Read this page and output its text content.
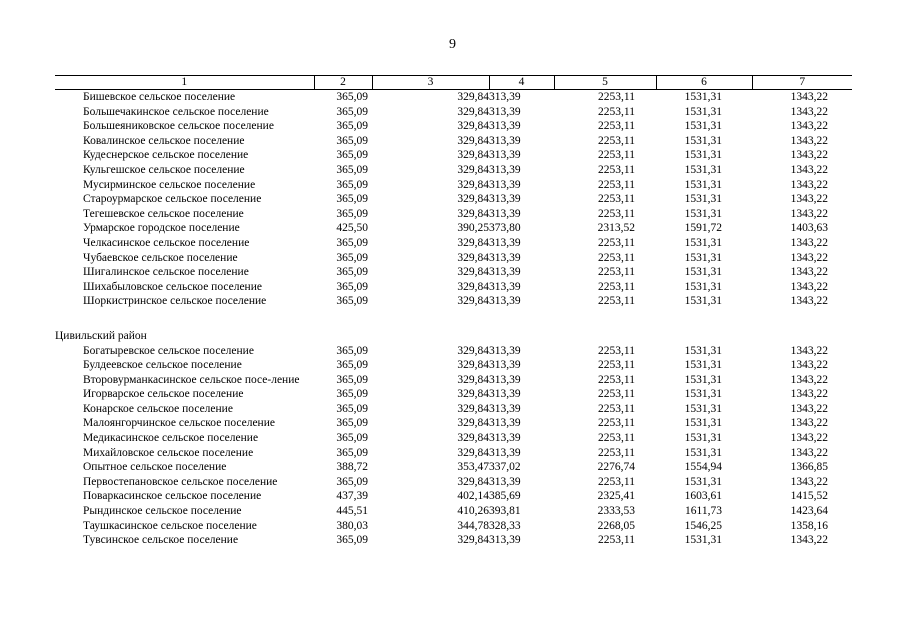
9
1	2	3	4	5	6	7
Бишевское сельское поселение	365,09	329,84	313,39	2253,11	1531,31	1343,22
Большечакинское сельское поселение	365,09	329,84	313,39	2253,11	1531,31	1343,22
Большеяниковское сельское поселение	365,09	329,84	313,39	2253,11	1531,31	1343,22
Ковалинское сельское поселение	365,09	329,84	313,39	2253,11	1531,31	1343,22
Кудеснерское сельское поселение	365,09	329,84	313,39	2253,11	1531,31	1343,22
Кульгешское сельское поселение	365,09	329,84	313,39	2253,11	1531,31	1343,22
Мусирминское сельское поселение	365,09	329,84	313,39	2253,11	1531,31	1343,22
Староурмарское сельское поселение	365,09	329,84	313,39	2253,11	1531,31	1343,22
Тегешевское сельское поселение	365,09	329,84	313,39	2253,11	1531,31	1343,22
Урмарское городское поселение	425,50	390,25	373,80	2313,52	1591,72	1403,63
Челкасинское сельское поселение	365,09	329,84	313,39	2253,11	1531,31	1343,22
Чубаевское сельское поселение	365,09	329,84	313,39	2253,11	1531,31	1343,22
Шигалинское сельское поселение	365,09	329,84	313,39	2253,11	1531,31	1343,22
Шихабыловское сельское поселение	365,09	329,84	313,39	2253,11	1531,31	1343,22
Шоркистринское сельское поселение	365,09	329,84	313,39	2253,11	1531,31	1343,22

Цивильский район						
Богатыревское сельское поселение	365,09	329,84	313,39	2253,11	1531,31	1343,22
Булдеевское сельское поселение	365,09	329,84	313,39	2253,11	1531,31	1343,22
Второвурманкасинское сельское посе-ление	365,09	329,84	313,39	2253,11	1531,31	1343,22
Игорварское сельское поселение	365,09	329,84	313,39	2253,11	1531,31	1343,22
Конарское сельское поселение	365,09	329,84	313,39	2253,11	1531,31	1343,22
Малоянгорчинское сельское поселение	365,09	329,84	313,39	2253,11	1531,31	1343,22
Медикасинское сельское поселение	365,09	329,84	313,39	2253,11	1531,31	1343,22
Михайловское сельское поселение	365,09	329,84	313,39	2253,11	1531,31	1343,22
Опытное сельское поселение	388,72	353,47	337,02	2276,74	1554,94	1366,85
Первостепановское сельское поселение	365,09	329,84	313,39	2253,11	1531,31	1343,22
Поваркасинское сельское поселение	437,39	402,14	385,69	2325,41	1603,61	1415,52
Рындинское сельское поселение	445,51	410,26	393,81	2333,53	1611,73	1423,64
Таушкасинское сельское поселение	380,03	344,78	328,33	2268,05	1546,25	1358,16
Тувсинское сельское поселение	365,09	329,84	313,39	2253,11	1531,31	1343,22
